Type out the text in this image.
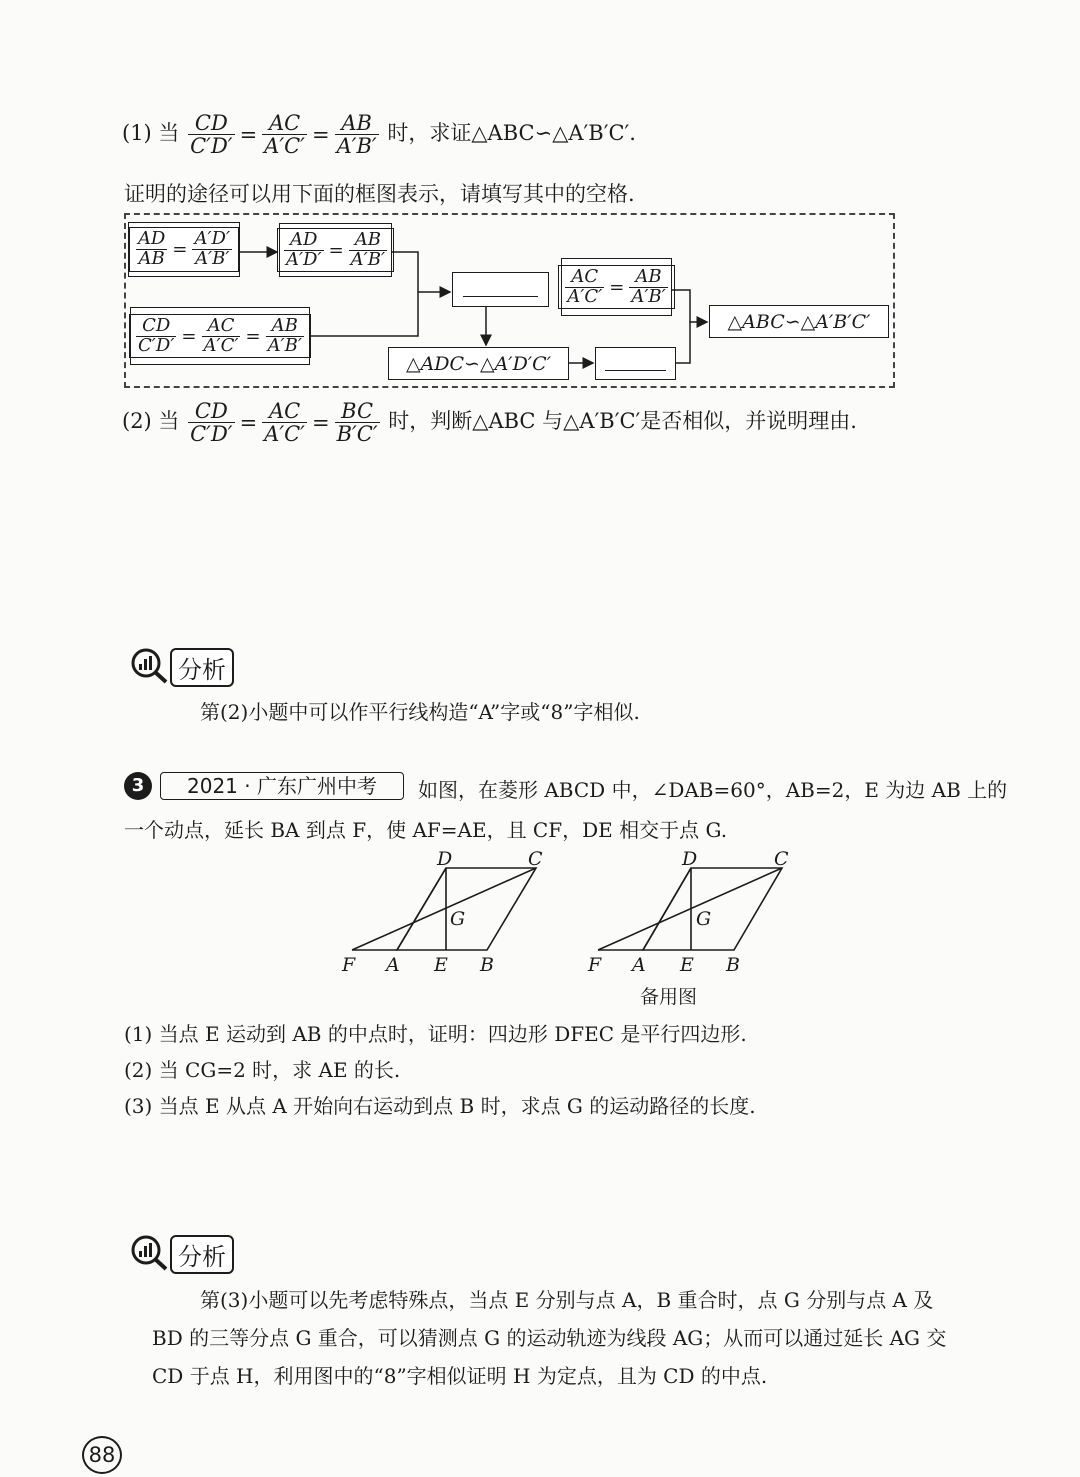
(1) 当 $\frac{CD}{C'D'} = \frac{AC}{A'C'} = \frac{AB}{A'B'}$ 时，求证△ABC∽△A′B′C′.
证明的途径可以用下面的框图表示，请填写其中的空格.
$\frac{AD}{AB} = \frac{A'D'}{A'B'}$	$\frac{AD}{A'D'} = \frac{AB}{A'B'}$
$\frac{CD}{C'D'} = \frac{AC}{A'C'} = \frac{AB}{A'B'}$
$\frac{AC}{A'C'} = \frac{AB}{A'B'}$
△ADC∽△A′D′C′
△ABC∽△A′B′C′
(2) 当 $\frac{CD}{C'D'} = \frac{AC}{A'C'} = \frac{BC}{B'C'}$ 时，判断△ABC 与△A′B′C′是否相似，并说明理由.
分析
第(2)小题中可以作平行线构造“A”字或“8”字相似.
3	2021 · 广东广州中考	如图，在菱形 ABCD 中，∠DAB=60°，AB=2，E 为边 AB 上的
一个动点，延长 BA 到点 F，使 AF=AE，且 CF，DE 相交于点 G.
D	C
G
F A E B
D	C
G
F A E B
备用图
(1) 当点 E 运动到 AB 的中点时，证明：四边形 DFEC 是平行四边形.
(2) 当 CG=2 时，求 AE 的长.
(3) 当点 E 从点 A 开始向右运动到点 B 时，求点 G 的运动路径的长度.
分析
第(3)小题可以先考虑特殊点，当点 E 分别与点 A，B 重合时，点 G 分别与点 A 及
BD 的三等分点 G 重合，可以猜测点 G 的运动轨迹为线段 AG；从而可以通过延长 AG 交
CD 于点 H，利用图中的“8”字相似证明 H 为定点，且为 CD 的中点.
88
